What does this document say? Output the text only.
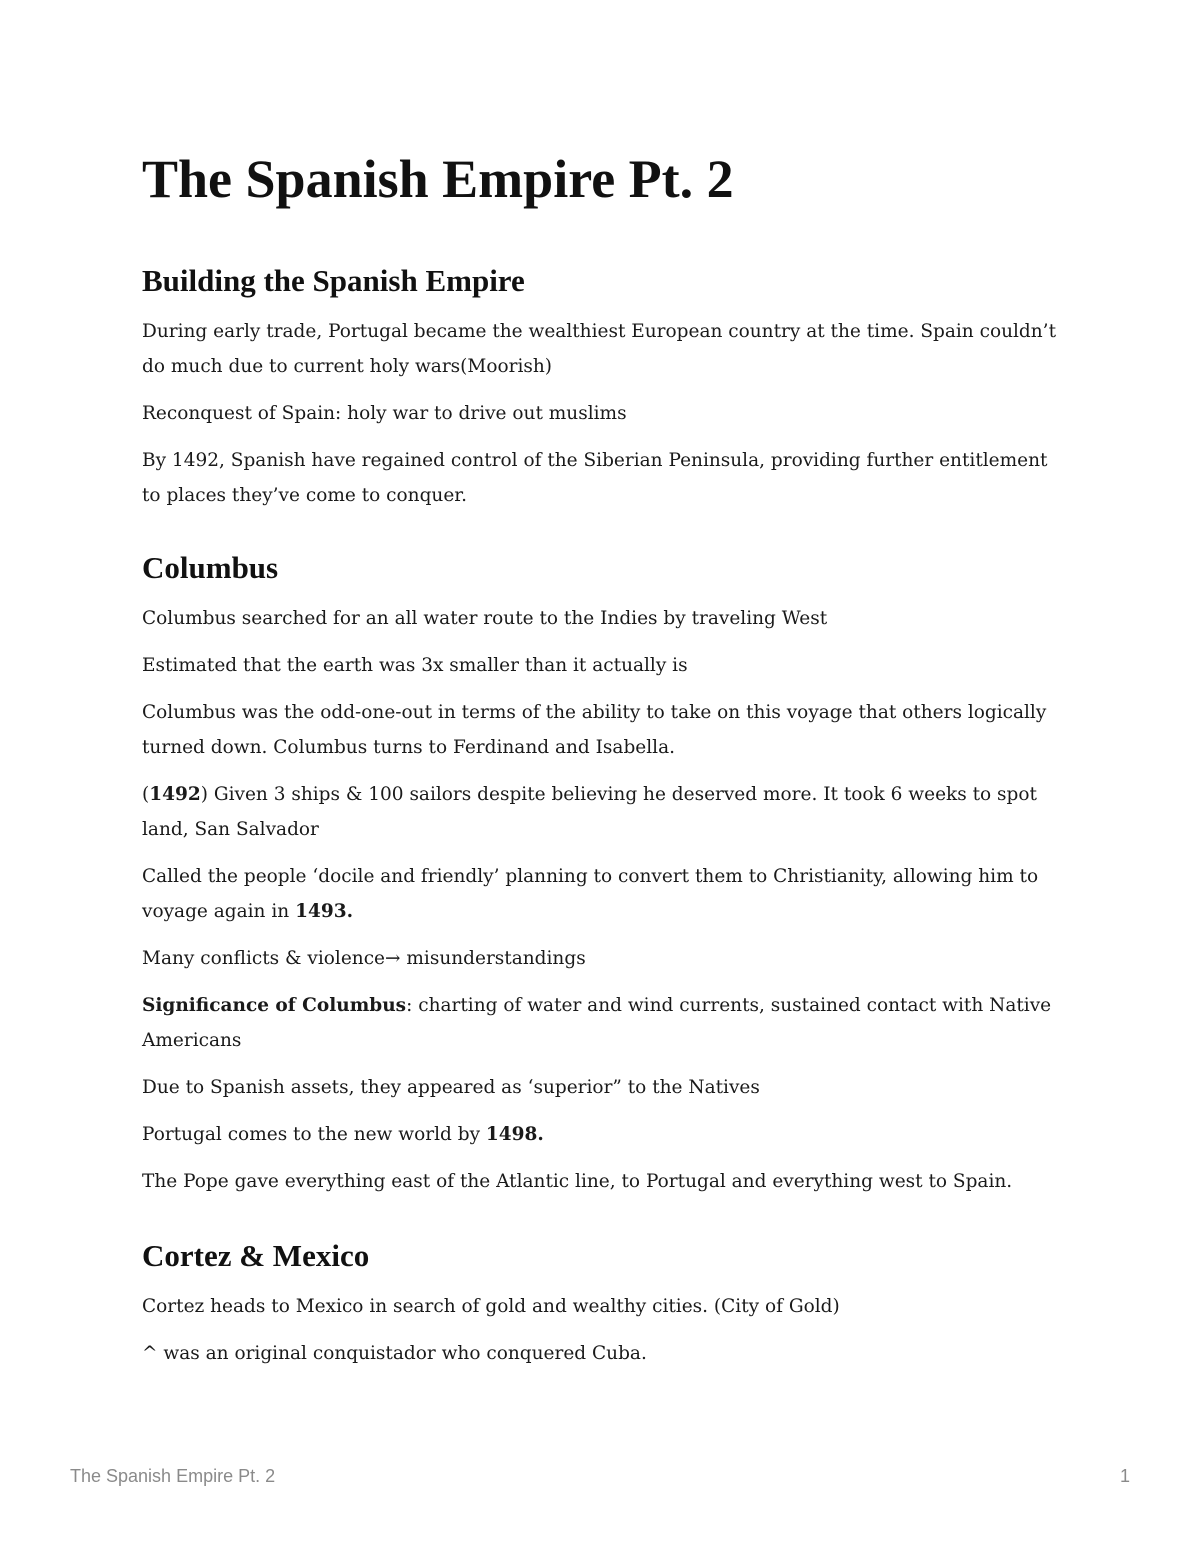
The Spanish Empire Pt. 2
Building the Spanish Empire

During early trade, Portugal became the wealthiest European country at the time. Spain couldn’t do much due to current holy wars(Moorish)

Reconquest of Spain: holy war to drive out muslims

By 1492, Spanish have regained control of the Siberian Peninsula, providing further entitlement to places they’ve come to conquer.

Columbus

Columbus searched for an all water route to the Indies by traveling West

Estimated that the earth was 3x smaller than it actually is

Columbus was the odd-one-out in terms of the ability to take on this voyage that others logically turned down. Columbus turns to Ferdinand and Isabella.

(1492) Given 3 ships & 100 sailors despite believing he deserved more. It took 6 weeks to spot land, San Salvador

Called the people ‘docile and friendly’ planning to convert them to Christianity, allowing him to voyage again in 1493.

Many conflicts & violence→ misunderstandings

Significance of Columbus: charting of water and wind currents, sustained contact with Native Americans

Due to Spanish assets, they appeared as ‘superior” to the Natives

Portugal comes to the new world by 1498.

The Pope gave everything east of the Atlantic line, to Portugal and everything west to Spain.

Cortez & Mexico

Cortez heads to Mexico in search of gold and wealthy cities. (City of Gold)

^ was an original conquistador who conquered Cuba.

The Spanish Empire Pt. 2	1
